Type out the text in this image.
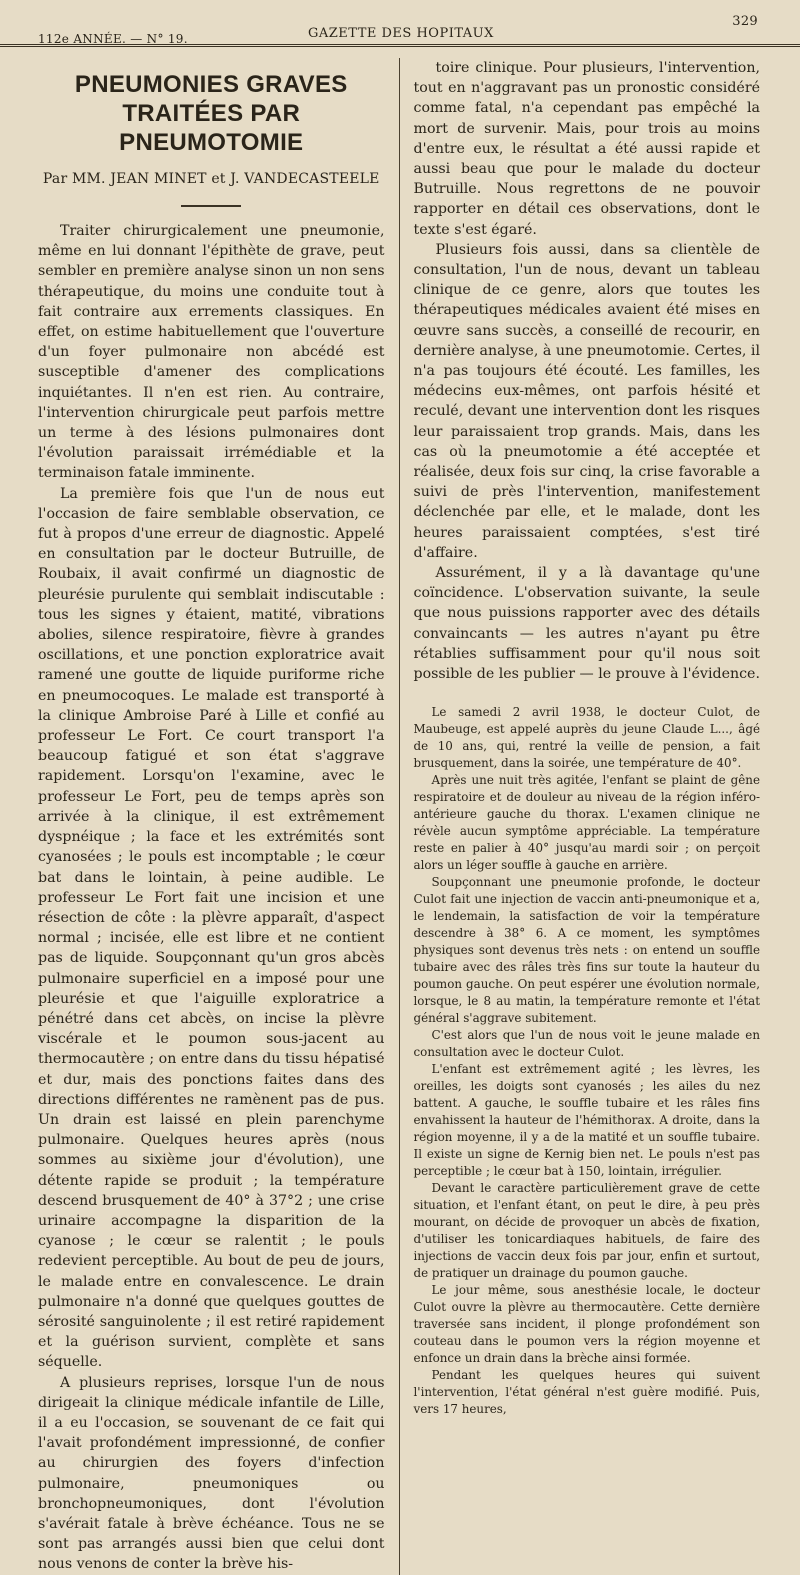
112e ANNÉE. — N° 19.	GAZETTE DES HOPITAUX
329
PNEUMONIES GRAVES
TRAITÉES PAR PNEUMOTOMIE
Par MM. JEAN MINET et J. VANDECASTEELE

Traiter chirurgicalement une pneumonie, même en lui donnant l'épithète de grave, peut sembler en première analyse sinon un non sens thérapeutique, du moins une conduite tout à fait contraire aux errements classiques. En effet, on estime habituellement que l'ouverture d'un foyer pulmonaire non abcédé est susceptible d'amener des complications inquiétantes. Il n'en est rien. Au contraire, l'intervention chirurgicale peut parfois mettre un terme à des lésions pulmonaires dont l'évolution paraissait irrémédiable et la terminaison fatale imminente.

La première fois que l'un de nous eut l'occasion de faire semblable observation, ce fut à propos d'une erreur de diagnostic. Appelé en consultation par le docteur Butruille, de Roubaix, il avait confirmé un diagnostic de pleurésie purulente qui semblait indiscutable : tous les signes y étaient, matité, vibrations abolies, silence respiratoire, fièvre à grandes oscillations, et une ponction exploratrice avait ramené une goutte de liquide puriforme riche en pneumocoques. Le malade est transporté à la clinique Ambroise Paré à Lille et confié au professeur Le Fort. Ce court transport l'a beaucoup fatigué et son état s'aggrave rapidement. Lorsqu'on l'examine, avec le professeur Le Fort, peu de temps après son arrivée à la clinique, il est extrêmement dyspnéique ; la face et les extrémités sont cyanosées ; le pouls est incomptable ; le cœur bat dans le lointain, à peine audible. Le professeur Le Fort fait une incision et une résection de côte : la plèvre apparaît, d'aspect normal ; incisée, elle est libre et ne contient pas de liquide. Soupçonnant qu'un gros abcès pulmonaire superficiel en a imposé pour une pleurésie et que l'aiguille exploratrice a pénétré dans cet abcès, on incise la plèvre viscérale et le poumon sous-jacent au thermocautère ; on entre dans du tissu hépatisé et dur, mais des ponctions faites dans des directions différentes ne ramènent pas de pus. Un drain est laissé en plein parenchyme pulmonaire. Quelques heures après (nous sommes au sixième jour d'évolution), une détente rapide se produit ; la température descend brusquement de 40° à 37°2 ; une crise urinaire accompagne la disparition de la cyanose ; le cœur se ralentit ; le pouls redevient perceptible. Au bout de peu de jours, le malade entre en convalescence. Le drain pulmonaire n'a donné que quelques gouttes de sérosité sanguinolente ; il est retiré rapidement et la guérison survient, complète et sans séquelle.

A plusieurs reprises, lorsque l'un de nous dirigeait la clinique médicale infantile de Lille, il a eu l'occasion, se souvenant de ce fait qui l'avait profondément impressionné, de confier au chirurgien des foyers d'infection pulmonaire, pneumoniques ou bronchopneumoniques, dont l'évolution s'avérait fatale à brève échéance. Tous ne se sont pas arrangés aussi bien que celui dont nous venons de conter la brève his-

toire clinique. Pour plusieurs, l'intervention, tout en n'aggravant pas un pronostic considéré comme fatal, n'a cependant pas empêché la mort de survenir. Mais, pour trois au moins d'entre eux, le résultat a été aussi rapide et aussi beau que pour le malade du docteur Butruille. Nous regrettons de ne pouvoir rapporter en détail ces observations, dont le texte s'est égaré.

Plusieurs fois aussi, dans sa clientèle de consultation, l'un de nous, devant un tableau clinique de ce genre, alors que toutes les thérapeutiques médicales avaient été mises en œuvre sans succès, a conseillé de recourir, en dernière analyse, à une pneumotomie. Certes, il n'a pas toujours été écouté. Les familles, les médecins eux-mêmes, ont parfois hésité et reculé, devant une intervention dont les risques leur paraissaient trop grands. Mais, dans les cas où la pneumotomie a été acceptée et réalisée, deux fois sur cinq, la crise favorable a suivi de près l'intervention, manifestement déclenchée par elle, et le malade, dont les heures paraissaient comptées, s'est tiré d'affaire.

Assurément, il y a là davantage qu'une coïncidence. L'observation suivante, la seule que nous puissions rapporter avec des détails convaincants — les autres n'ayant pu être rétablies suffisamment pour qu'il nous soit possible de les publier — le prouve à l'évidence.

Le samedi 2 avril 1938, le docteur Culot, de Maubeuge, est appelé auprès du jeune Claude L..., âgé de 10 ans, qui, rentré la veille de pension, a fait brusquement, dans la soirée, une température de 40°.

Après une nuit très agitée, l'enfant se plaint de gêne respiratoire et de douleur au niveau de la région inféro-antérieure gauche du thorax. L'examen clinique ne révèle aucun symptôme appréciable. La température reste en palier à 40° jusqu'au mardi soir ; on perçoit alors un léger souffle à gauche en arrière.

Soupçonnant une pneumonie profonde, le docteur Culot fait une injection de vaccin anti-pneumonique et a, le lendemain, la satisfaction de voir la température descendre à 38° 6. A ce moment, les symptômes physiques sont devenus très nets : on entend un souffle tubaire avec des râles très fins sur toute la hauteur du poumon gauche. On peut espérer une évolution normale, lorsque, le 8 au matin, la température remonte et l'état général s'aggrave subitement.

C'est alors que l'un de nous voit le jeune malade en consultation avec le docteur Culot.

L'enfant est extrêmement agité ; les lèvres, les oreilles, les doigts sont cyanosés ; les ailes du nez battent. A gauche, le souffle tubaire et les râles fins envahissent la hauteur de l'hémithorax. A droite, dans la région moyenne, il y a de la matité et un souffle tubaire. Il existe un signe de Kernig bien net. Le pouls n'est pas perceptible ; le cœur bat à 150, lointain, irrégulier.

Devant le caractère particulièrement grave de cette situation, et l'enfant étant, on peut le dire, à peu près mourant, on décide de provoquer un abcès de fixation, d'utiliser les tonicardiaques habituels, de faire des injections de vaccin deux fois par jour, enfin et surtout, de pratiquer un drainage du poumon gauche.

Le jour même, sous anesthésie locale, le docteur Culot ouvre la plèvre au thermocautère. Cette dernière traversée sans incident, il plonge profondément son couteau dans le poumon vers la région moyenne et enfonce un drain dans la brèche ainsi formée.

Pendant les quelques heures qui suivent l'intervention, l'état général n'est guère modifié. Puis, vers 17 heures,
